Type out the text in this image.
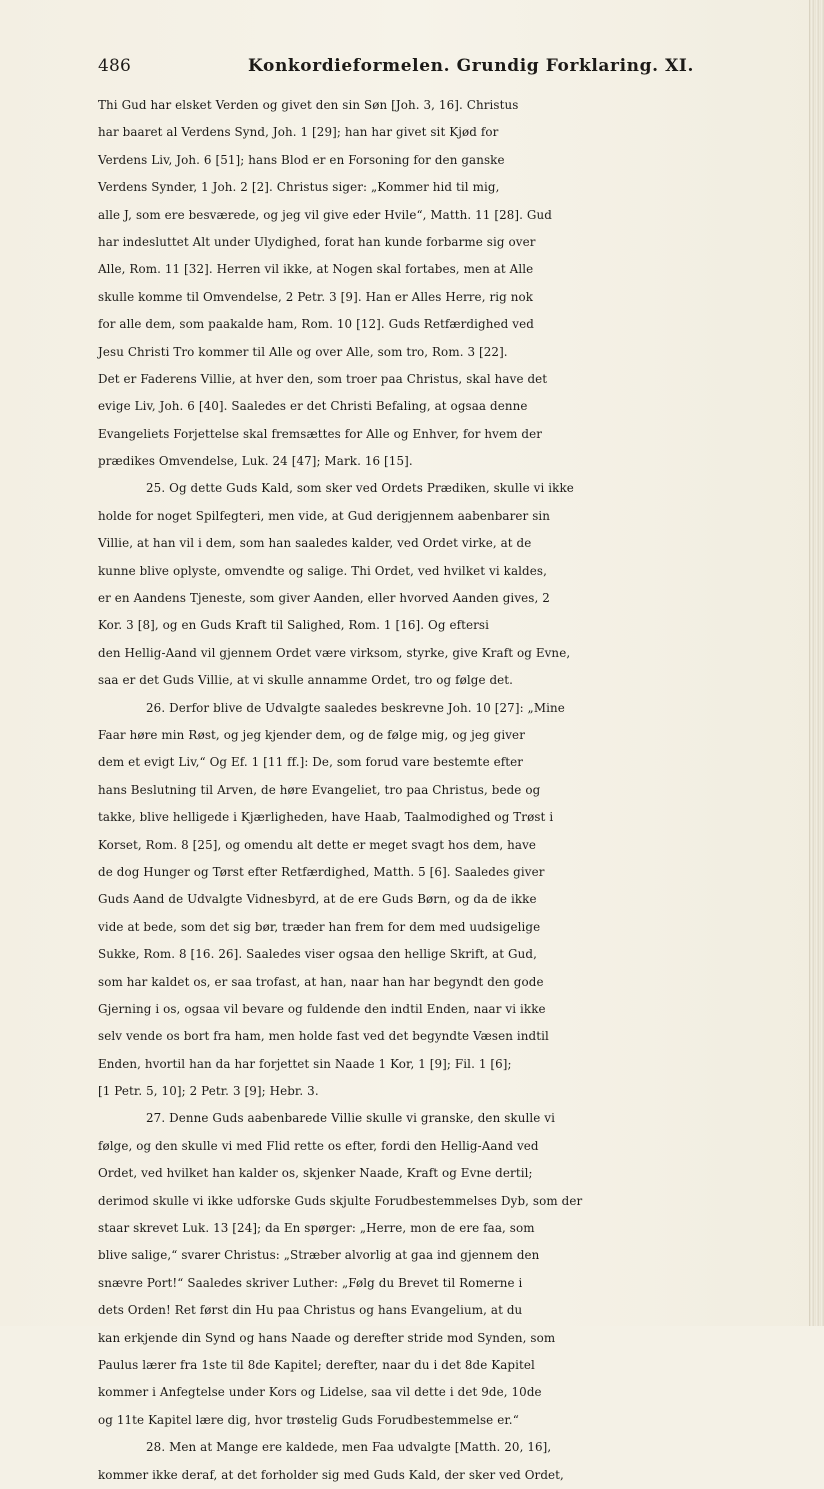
486	Konkordieformelen. Grundig Forklaring. XI.
Thi Gud har elsket Verden og givet den sin Søn [Joh. 3, 16]. Christus
har baaret al Verdens Synd, Joh. 1 [29]; han har givet sit Kjød for
Verdens Liv, Joh. 6 [51]; hans Blod er en Forsoning for den ganske
Verdens Synder, 1 Joh. 2 [2]. Christus siger: „Kommer hid til mig,
alle J, som ere besværede, og jeg vil give eder Hvile“, Matth. 11 [28]. Gud
har indesluttet Alt under Ulydighed, forat han kunde forbarme sig over
Alle, Rom. 11 [32]. Herren vil ikke, at Nogen skal fortabes, men at Alle
skulle komme til Omvendelse, 2 Petr. 3 [9]. Han er Alles Herre, rig nok
for alle dem, som paakalde ham, Rom. 10 [12]. Guds Retfærdighed ved
Jesu Christi Tro kommer til Alle og over Alle, som tro, Rom. 3 [22].
Det er Faderens Villie, at hver den, som troer paa Christus, skal have det
evige Liv, Joh. 6 [40]. Saaledes er det Christi Befaling, at ogsaa denne
Evangeliets Forjettelse skal fremsættes for Alle og Enhver, for hvem der
prædikes Omvendelse, Luk. 24 [47]; Mark. 16 [15].
25. Og dette Guds Kald, som sker ved Ordets Prædiken, skulle vi ikke
holde for noget Spilfegteri, men vide, at Gud derigjennem aabenbarer sin
Villie, at han vil i dem, som han saaledes kalder, ved Ordet virke, at de
kunne blive oplyste, omvendte og salige. Thi Ordet, ved hvilket vi kaldes,
er en Aandens Tjeneste, som giver Aanden, eller hvorved Aanden gives, 2
Kor. 3 [8], og en Guds Kraft til Salighed, Rom. 1 [16]. Og eftersi
den Hellig-Aand vil gjennem Ordet være virksom, styrke, give Kraft og Evne,
saa er det Guds Villie, at vi skulle annamme Ordet, tro og følge det.
26. Derfor blive de Udvalgte saaledes beskrevne Joh. 10 [27]: „Mine
Faar høre min Røst, og jeg kjender dem, og de følge mig, og jeg giver
dem et evigt Liv,“ Og Ef. 1 [11 ff.]: De, som forud vare bestemte efter
hans Beslutning til Arven, de høre Evangeliet, tro paa Christus, bede og
takke, blive helligede i Kjærligheden, have Haab, Taalmodighed og Trøst i
Korset, Rom. 8 [25], og omendu alt dette er meget svagt hos dem, have
de dog Hunger og Tørst efter Retfærdighed, Matth. 5 [6]. Saaledes giver
Guds Aand de Udvalgte Vidnesbyrd, at de ere Guds Børn, og da de ikke
vide at bede, som det sig bør, træder han frem for dem med uudsigelige
Sukke, Rom. 8 [16. 26]. Saaledes viser ogsaa den hellige Skrift, at Gud,
som har kaldet os, er saa trofast, at han, naar han har begyndt den gode
Gjerning i os, ogsaa vil bevare og fuldende den indtil Enden, naar vi ikke
selv vende os bort fra ham, men holde fast ved det begyndte Væsen indtil
Enden, hvortil han da har forjettet sin Naade 1 Kor, 1 [9]; Fil. 1 [6];
[1 Petr. 5, 10]; 2 Petr. 3 [9]; Hebr. 3.
27. Denne Guds aabenbarede Villie skulle vi granske, den skulle vi
følge, og den skulle vi med Flid rette os efter, fordi den Hellig-Aand ved
Ordet, ved hvilket han kalder os, skjenker Naade, Kraft og Evne dertil;
derimod skulle vi ikke udforske Guds skjulte Forudbestemmelses Dyb, som der
staar skrevet Luk. 13 [24]; da En spørger: „Herre, mon de ere faa, som
blive salige,“ svarer Christus: „Stræber alvorlig at gaa ind gjennem den
snævre Port!“ Saaledes skriver Luther: „Følg du Brevet til Romerne i
dets Orden! Ret først din Hu paa Christus og hans Evangelium, at du
kan erkjende din Synd og hans Naade og derefter stride mod Synden, som
Paulus lærer fra 1ste til 8de Kapitel; derefter, naar du i det 8de Kapitel
kommer i Anfegtelse under Kors og Lidelse, saa vil dette i det 9de, 10de
og 11te Kapitel lære dig, hvor trøstelig Guds Forudbestemmelse er.“
28. Men at Mange ere kaldede, men Faa udvalgte [Matth. 20, 16],
kommer ikke deraf, at det forholder sig med Guds Kald, der sker ved Ordet,
